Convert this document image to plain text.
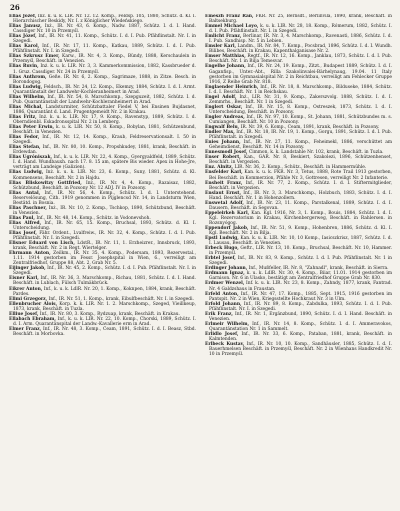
26

Elias Józef, Inż. k. u. k. LIR. Nr. 12. 12. Komp., Feldsp. 105, 1880, Schütz. d. Kl. I. Hierarchischer Beskidy, Nr. I. z Königlicher Wiedeńskiego.

Elias Janusz, Inż., IR. Nr. 43, 6. Komp., Nadw. 1887, Schütz. I. d. I. Hand. Cassdiger Nr. 10 in Przemyśl.

Elias Józef, Inf., IR. Nr. 41, 11. Komp., Schütz. I. d. I. Pub. Pfähflinstalt. Nr. I. in Szegedi.

Elias Karol, Inf., IR. Nr. 17, 11. Komp., Katkau, 1889, Schütz. I. d. I. Pub. Pfähflinstalt. Nr. I. in Szegedi.

Elias Szkrusz Emer, Karw., IR. Nr. 4, 3. Komp., Bündy, 1888, Kerschaulein in Przemyśl, Beschäft. in Venezien.

Elias Ruvin, Inż. k. u. k. LIR. Nr. 3, 3. Kammerkommission, 1882, Kassbrueder d. 1. Gruz. Cassdiger. Nr. 24 in Przemyśl.

Elias Anthrom, Geße. IR. Nr. 6, 2. Komp., Sagrimaze, 1888, in Zitze. Besch. in Borondogog.

Elias Ludwig, Feldsch., IR. Nr. 24, 12. Komp., Ekemzy, 1884, Schütz. I. d. I. Armt. Quarantänstalt der Landwehr-Kochleranheimert in Arad.

Elias Wilhelm, Inf., IR. Nr. 54, 8. Marschkomp., Szepguzeit, 1882, Schütz. I. d. Pub. Quarantänstalt der Landwehr-Kochleranheimert in Arad.

Elias Michał, Landsturmiter, Schützbattaler Fiedel V, bei Ensinen Bujdasnet, 1886, Quarantänt d. Land. Prugentgemeidt Nr. 2 in Krakau.

Elias Fritz, Inż. k. u. k. LIR. Nr. 17, 9. Komp., Ravenstyp, 1889, Schütz. I. d. Oberndienbl. Eskadronsspital Nr. 2 in Lemberg.

Elias Peter Erwin, k. u. k. LIR. Nr. 50, 8. Komp., Bobylan, 1881, Schützenbund, Beschäft. in Venezien.

Elias Fedor, Inf., IR. Nr. 12, 14. Komp., Kraub, Feldreservationsalt. I. 50 in Szegedi.

Elias Stefan, Inf., IR. Nr. 80, 10. Komp., Propshkudey, 1881, krank, Beschäft. in Erdewdan.

Elias Ugróniszak, Inf., k. u. k. LIR. Nr. 22, 4. Komp., Gyergyaldfeld, 1889, Schütz. I. d. Hand. Wundbauxh. nach 17. 8. 15 am, spätere Bis wieder. Apex in Hohe-Jre, verträgt am Landeige (Galizien).

Elias Ludwig, Inż. k. u. k. LIR. Nr. 23, 6. Komp., Suny, 1881, Schütz. d. Kl. Kommensens, Beschäft. Nr. 2 in Hajdu.

Elias Bliskowitzy Gottfried, Inż., IR. Nr. 4, 4. Komp., Razaisaz, 1882, Schützbund, Beschäft. in Pozsony Nr. 12 ADJ. IV in Pozsony.

Elias Antal, Inf., IR. Nr. 56, 4. Komp., Schütz. I. d. I. Unterstehend. Reservelösung, Cith. 1919 genommen in Pijglencsd Nr. 14, in Landsturm Wien, Bestätd. in Bosnia.

Elias Paschner, Inż., IR. Nr. 10, 2. Komp., Tschkop, 1890, Schützbund, Beschäft. in Venezien.

Elias Paul, Inf., IR. Nr. 48, 14. Komp., Schütz. in Vodonevshoh.

Elias Alfred, Inf., IR. Nr. 65, 15. Komp., Bruchsal, 1893, Schütz. d. Kl. I. Unterscheidung.

Elias Josef, Fähr. Ordent., Lvalfreiw., IR. Nr. 32, 4. Komp., Schütz. I. d. I. Pub. Pfähflinstalt. Nr. I. in Szegedi.

Elisner Eduard von Lisch, LdstR., IR. Nr. 11, 1. Erzheizrer., Innsbruck, 1893, krank, Beschäft. Nr. 2 in Regt. Wiertelger.

Ehrmann Anton, Zeilkm., IR. Nr. 35, 4. Komp., Podersam, 1893, Rezervestal., 1.11. 1914 gestorben im Fessr. Josephspital in Wien, 6., verreiligt am Zentralfriedhof, Gruppe 88, Abt. 2, Grab Nr. 5.

Eijinger Jakob, Inf., IR. Nr. 45, 2. Komp., Schütz. I. d. I. Pub. Pfähflinstalt. Nr. I. in Szegedi.

Eisner Karl, Inf., IR. Nr. 36, 3. Marschkomp., Richau, 1881, Schütz. I. d. I. Hand. Beschäft. in Lublach, Fülsch Tulmäkbrück.

Eikrer Anton, Inf., k. u. k. LdlR. Nr. 20, 1. Komp., Koknpen, 1884, krank, Beschäft. Pardes.

Elimi Grzegorz, Inf., IR. Nr. 51, 1. Komp., krank, Eibulfbeschäft. Nr. I. in Szegedi.

Ellenbrucher Alois, Korp. k. k. LIR. Nr. 1. 2. Marschkomp., Szeged, Vieillkeup, 1873, krank, Beschäft. in Tuzla.

Elliue Josef, Inf., IR. Nr. 80, 3. Komp., Rydzuap, krank, Beschäft. in Krakau.

Ellabach Ebraham, Inf., k. u. k. LIR. Nr. 22, 10. Komp., Chorski, 1889, Schütz. I. d. I. Arm. Quarantänspital der Landw.-Kavallerie erm in Arad.

Elmer Franz, Inf., IR. Nr. 48, 3. Komp., Ceam, 1891, Schütz. I. d. I. Beasz, Stbd. Beschäft. in Morbovka.

Emeszh Franz Ran, FKR. Nr. 25, Berlisdt., Berlinvila, 1890, krank, Beschäft. in Baltsekburg.

Emmel Michael Loyo, k. u. k. LIR. Nr. 28, 18. Komp., Rómerum, 1882, Schütz. I. d. I. Pub. Pfähflinstalt. Nr. I. in Szegedi.

Emlicht Franz, Berlinar, IR. Nr. 3, 4. Marschkomp., Ravenasti, 1886, Schütz. I. d. I. Pub. Sandhisp. Nr. 5 in Lebien.

Emsler Karl, Landm., IR. Nr. 84, 7. Komp., Pocsbrad, 1896, Schütz. I. d. I. Wundh. Bilibes, Beschäft. in Krakau, Kapenthalganisase Nr. 2.

Emser Matthias, Regtf., IR. Nr. 12, 16. Komp., Janklau, 1873, Schütz. I. d. I. Pub. Beschäft. Nr. 1 in Bilja Temesvar.

Engelhe Johann, Inf., IR. Nr. 24, 19. Komp., Zitzt., Budapest 1889, Schütz. I. d. I. Gaganfisp., Unter.-Abt., Rilla Szakolinvalei-Bärhelynaug, 19.04. 11 Italy gestorben im Gymnasialspital Nr. 2 in Reichtbau, verreiligt am Fehlecker Gruppe 1916, Z Reihe Grab Nr. 818.

Englaender Heinrich, Inf., IR. Nr. 18, 8. Marschkomp., Bilduseke, 1884, Schütz. I. d. I. Beschäft. Nr. 1 in Reichskau.

Engel Adolf, Inż., LIR. Nr. 31, 9. Komp., Zakerszvolg. 1888, Schütz. I. d. I. Zemmrhs., Beschäft. Nr. 1 in Szegedi.

Englert Oskar, Inf., IR. Nr. 15, 8. Komp., Ostreszek, 1873, Schütz. I. d. I. Unterscheidung, Beschäft. in Pozsony.

Engler Andreas, Inf., IR. Nr. 97, 10. Komp., St. Johann, 1881, Schützbundes m. s. Cumiangen, Beschäft. Nr. 10 in Pozsony.

Engwalf Belu, IR. Nr. 39, 6. Komp., Ceam, 1891, krank, Beschäft. in Pozsony.

Endler Max, Inf., IR. Nr. 18, IR. Nr. 19, 1. Komp., Gorgu, 1891, Schütz. I. d. I. Pub. Pfähflinstalt. in Szegedi.

Enies Johann, Inf., IR. Nr. 27, 11. Komp., Feheimekl, 1886, verschüttet am Geheimdienst, Beschäft. Nr. 14 in Pozsony.

Ennesmodl Josef, Cimmon, k. k. Landstahle Nr. 102, krank, Beschäft. in Tuzla.

Enser Robert, Kan., GAR. Nr. 8, Beskiert, Szakolezi, 1896, Schützenhenset, Beschäft. in Vergezien.

Enz. Alnitz, LIR. Nr. 36, 2. Komp., Schütz., Beschäft. in Hammermühle.

Ensfelder Karl, Kan. k. u. k. FKR. Nr. 3, Tetus, 1888, Rote Trail 1913 gestorben, Bei Beschäft. in Kommerzion, Pfähle Nr. 3, Gottresen, verreiligt Nr. 2 Infanterie.

Ensheit Franz, Inf., IR. Nr. 77, 2. Komp., Schütz. I. d. I. Stiftermitglieder, Beschäft. in Vergezien.

Enslaut Ernst, Inf., IR. Nr. 3, 3. Marschkomp., Holzbuch, 1883, Schütz. I. d. I. Hand. Beschäft. Nr. 1 in Hohenzollern.

Enswetal Adolf, Inf., IR. Nr. 23, 11. Komp., Parstalkenal, 1889, Schütz. I. d. I. Dausern, Beschäft. in Segovan.

Eppeleirkeh Karl, Kan. Kgl. 1916, Nr. 3, 1. Komp., Bouis, 1884, Schütz. I. d. I. Kgl. Rezervatorium in Krakau, Kirchenbergerweg, Beschäft. in Rahlersen. in Rozsnyógog.

Eppendorf Jakob, Inf., IR. Nr. 51, 9. Komp., Hohenbren, 1886, Schütz. d. Kl. I. Kgl. Beschäft. Nr. 2 in Bilja.

Epstl Ludwig, Kan. k. u. k. LIR. Nr. 10, 10 Komp., Iasicszkrisz, 1887, Schütz. I. d. I. Lausau, Beschäft. in Venezien.

Erbeck Hugo, Geftr., LIR. Nr. 13, 10. Komp., Bruchsal, Beschäft. Nr. 10, Hammer. in Przemyśl.

Erbtel Josef, Inf., IR. Nr. 83, 9. Komp., Schütz. I. d. I. Pub. Pfähflinstalt. Nr. 1 in Szegedi.

Erdinger Johann, Inf., Mußfeller, IR. Nr. 8, "Zahnadl", krank, Beschäft. in Sierra.

Erdmann Ignaz, k. u. k. LdlR. Nr. 30, 4. Komp., Biiar, 11.01. 1914 gestorben im Garnison. Nr. 6 in Ulasko, bestätigt am Zentralfriedhof Gruppe Grab Nr. 830.

Erdmer Wenzel, Inf. k. u. k. LIR. Nr. 23, 8. Komp., Zahndy, 1877, krank, Fantrad. Nr. 4 Galdzshaus in Fraustan.

Erfeld Anton, Inf., IR. Nr. 47, 17. Komp., 1885, Sept. 1915, 1916 gestorben im Pantspit. Nr. 2 in Wien, Kriegsstellte Hochkraut Nr. 3 in Ulm.

Erfold Johann, Inf., IR. Nr. 89, 8. Komp., Zabdulka, 1893, Schütz. I. d. I. Pub. Pfähflinstalt. Nr. I. in Szegedi.

Erik Franz, Inf., IR. Nr. 1, Ergänzbund, 1890, Schütz. I. d. I. Hand. Beschäft. in Venezien.

Erlmeir Wilhelm, Inf., IR. Nr. 14, 8. Komp., Schütz. I. d. I. Ammeravokos, Quarantänstation Nr. 1 in Sammelt.

Erlidlo Josef, Inf., IR. Nr. 33, 6. Komp., Pataban, 1881, krank, Beschäft. in Kalmtenden.

Erlbeck Kustav, Inf., IR. Nr. 10, 10. Komp., Sandhäusler, 1885, Schütz. I. d. I. Bauerhmelsen Beschäft. in Przemyśl, Beschäft. Nr. 2 in Wienhans Handkredit Nr. 10 in Przemyśl.
